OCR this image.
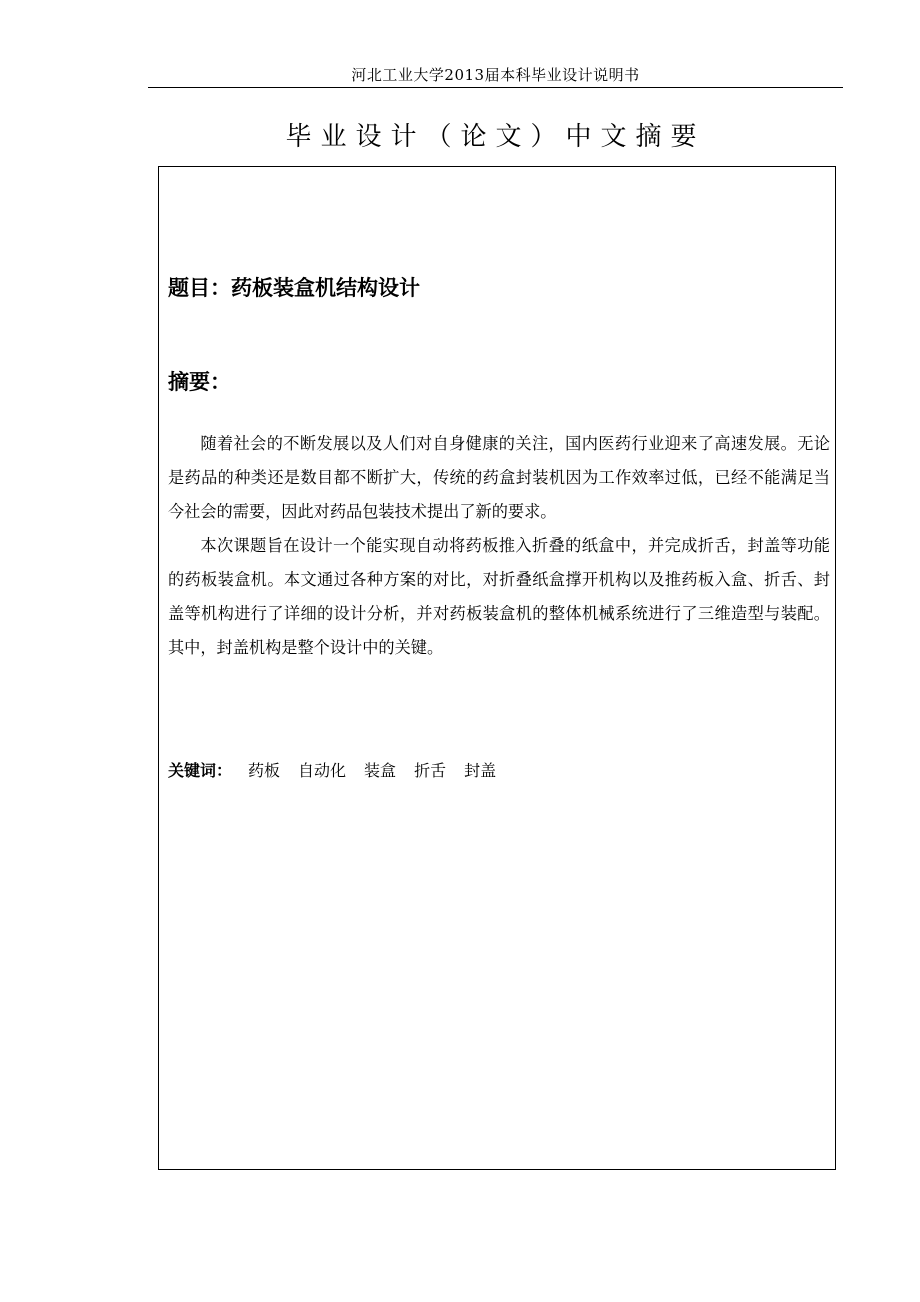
河北工业大学2013届本科毕业设计说明书
毕业设计（论文）中文摘要
题目：药板装盒机结构设计
摘要：

随着社会的不断发展以及人们对自身健康的关注，国内医药行业迎来了高速发展。无论是药品的种类还是数目都不断扩大，传统的药盒封装机因为工作效率过低，已经不能满足当今社会的需要，因此对药品包装技术提出了新的要求。

本次课题旨在设计一个能实现自动将药板推入折叠的纸盒中，并完成折舌，封盖等功能的药板装盒机。本文通过各种方案的对比，对折叠纸盒撑开机构以及推药板入盒、折舌、封盖等机构进行了详细的设计分析，并对药板装盒机的整体机械系统进行了三维造型与装配。其中，封盖机构是整个设计中的关键。

关键词： 药板 自动化 装盒 折舌 封盖
